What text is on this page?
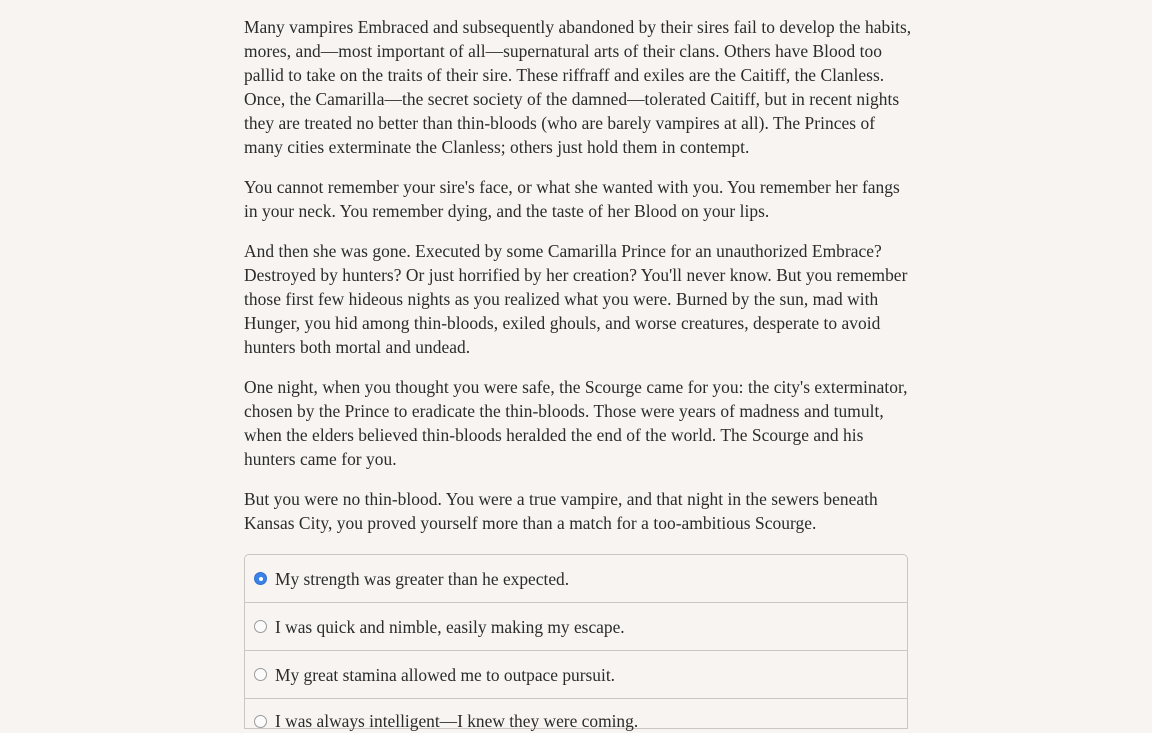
Many vampires Embraced and subsequently abandoned by their sires fail to develop the habits, mores, and—most important of all—supernatural arts of their clans. Others have Blood too pallid to take on the traits of their sire. These riffraff and exiles are the Caitiff, the Clanless. Once, the Camarilla—the secret society of the damned—tolerated Caitiff, but in recent nights they are treated no better than thin-bloods (who are barely vampires at all). The Princes of many cities exterminate the Clanless; others just hold them in contempt.

You cannot remember your sire's face, or what she wanted with you. You remember her fangs in your neck. You remember dying, and the taste of her Blood on your lips.

And then she was gone. Executed by some Camarilla Prince for an unauthorized Embrace? Destroyed by hunters? Or just horrified by her creation? You'll never know. But you remember those first few hideous nights as you realized what you were. Burned by the sun, mad with Hunger, you hid among thin-bloods, exiled ghouls, and worse creatures, desperate to avoid hunters both mortal and undead.

One night, when you thought you were safe, the Scourge came for you: the city's exterminator, chosen by the Prince to eradicate the thin-bloods. Those were years of madness and tumult, when the elders believed thin-bloods heralded the end of the world. The Scourge and his hunters came for you.

But you were no thin-blood. You were a true vampire, and that night in the sewers beneath Kansas City, you proved yourself more than a match for a too-ambitious Scourge.

My strength was greater than he expected.
I was quick and nimble, easily making my escape.
My great stamina allowed me to outpace pursuit.
I was always intelligent—I knew they were coming.
